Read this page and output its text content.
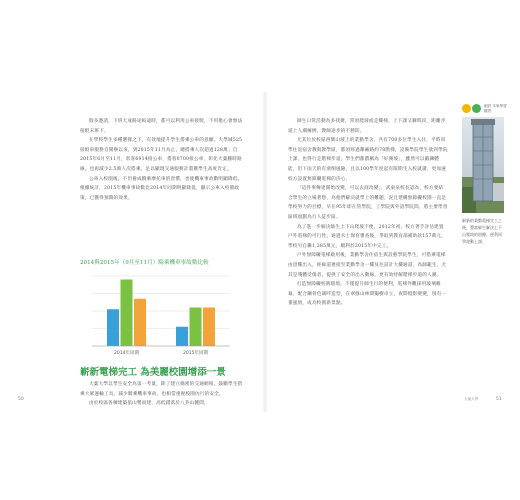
假多邀請，下班天成路途較遠時，都可以利用公車接駁，不用擔心會無法接駁末班下。

在學校學生多種選擇之下，有效地提升學生搭乘公車的意願。大學城525接駁車服務自開辦以來，到2015年11月為止，總搭乘人次超過128萬；自2015年6月至11月，彰客6914接公車，搭客0700接公車，彰化大葉騰時路線，也再減少2.5萬人次搭乘。足以顯現交通服務計畫獲學生高度肯定。

公車入校園後，不但養成騎乘摩托車的習慣，也使機車事故數明顯降低。根據統計，2015年機車事故數比2014年同期明顯降低，顯示公車入校園政策，已獲得預期的效果。

2014與2015年（9月至11月）騎乘機車事故數比較
2014年同期	2015年同期
嶄新電梯完工 為美麗校園增添一景

大葉大學以學生安全為第一考量，除了建立綿密的交通網絡，鼓勵學生搭乘大眾運輸工具，減少騎乘機車事故，也相當重視校園內行的安全。

由於校區各棟建築依山勢而建，高低錯落於八卦山麓間，

50

師生日常活動為多找捷，常須爬坡或走樓梯，上下課又棘時段，距離步道上人潮擁擠，教師途步的不勝防。

尤其位於校區西側山坡上的業勤學舍，共有700多位學生入住，平時同學往返宿舍教與教學區，都須經過鄰廠路約78階梯，設備學院學生欲到學院上課，也得行走階梯步道。學生們都戲稱為「好漢坡」，雖然可以鍛鍊體能，但下雨天的有滑倒風險，且以100學年度起有限期生入校就讀，更加速校方設置無障礙電梯的決心。

「這件事傳達開始改變，可以去商改變」，武東泉校長認為，校方要結合學生的立場著想，為他們解決就學上的難題，況且建構無障礙校園一直是學校努力的目標，早在95年即在管學院，工學院與外語學院間，將主要學習區域規劃為行人徒步區。

為了進一步解決師生上下山爬坡不便，2012年初，校方著手評估建置戶外電梯的可行性，通過水土保育審查後，爭取到教育部補助款157萬元，學校另自籌1,385萬元，順利於2015年中完工。

戶外無障礙電梯啟用後，業勤學舍住宿生與設藝學院學生，可搭乘電梯由頂樓出入，經廊道連接至業勤學舍一樓及往設計大樓通道，為師範生，尤其是殘體受傷者，提供了安全的出入動線，更有效紓解階梯步道的人潮。

打造無障礙校園環境，不僅提升師生行的便利，電梯外觀採用玻璃帷幕，配合鋼骨色調呼造型，在翠綠山林間獨樹卓立，夜間燈影變變，別有一番風情，成為校園新景點。

創設 未來學習願景
嶄新的業勤電梯完工之後，豐富師生解決上下山爬坡的困擾，便利同學遊動上課。
大葉大學	51
